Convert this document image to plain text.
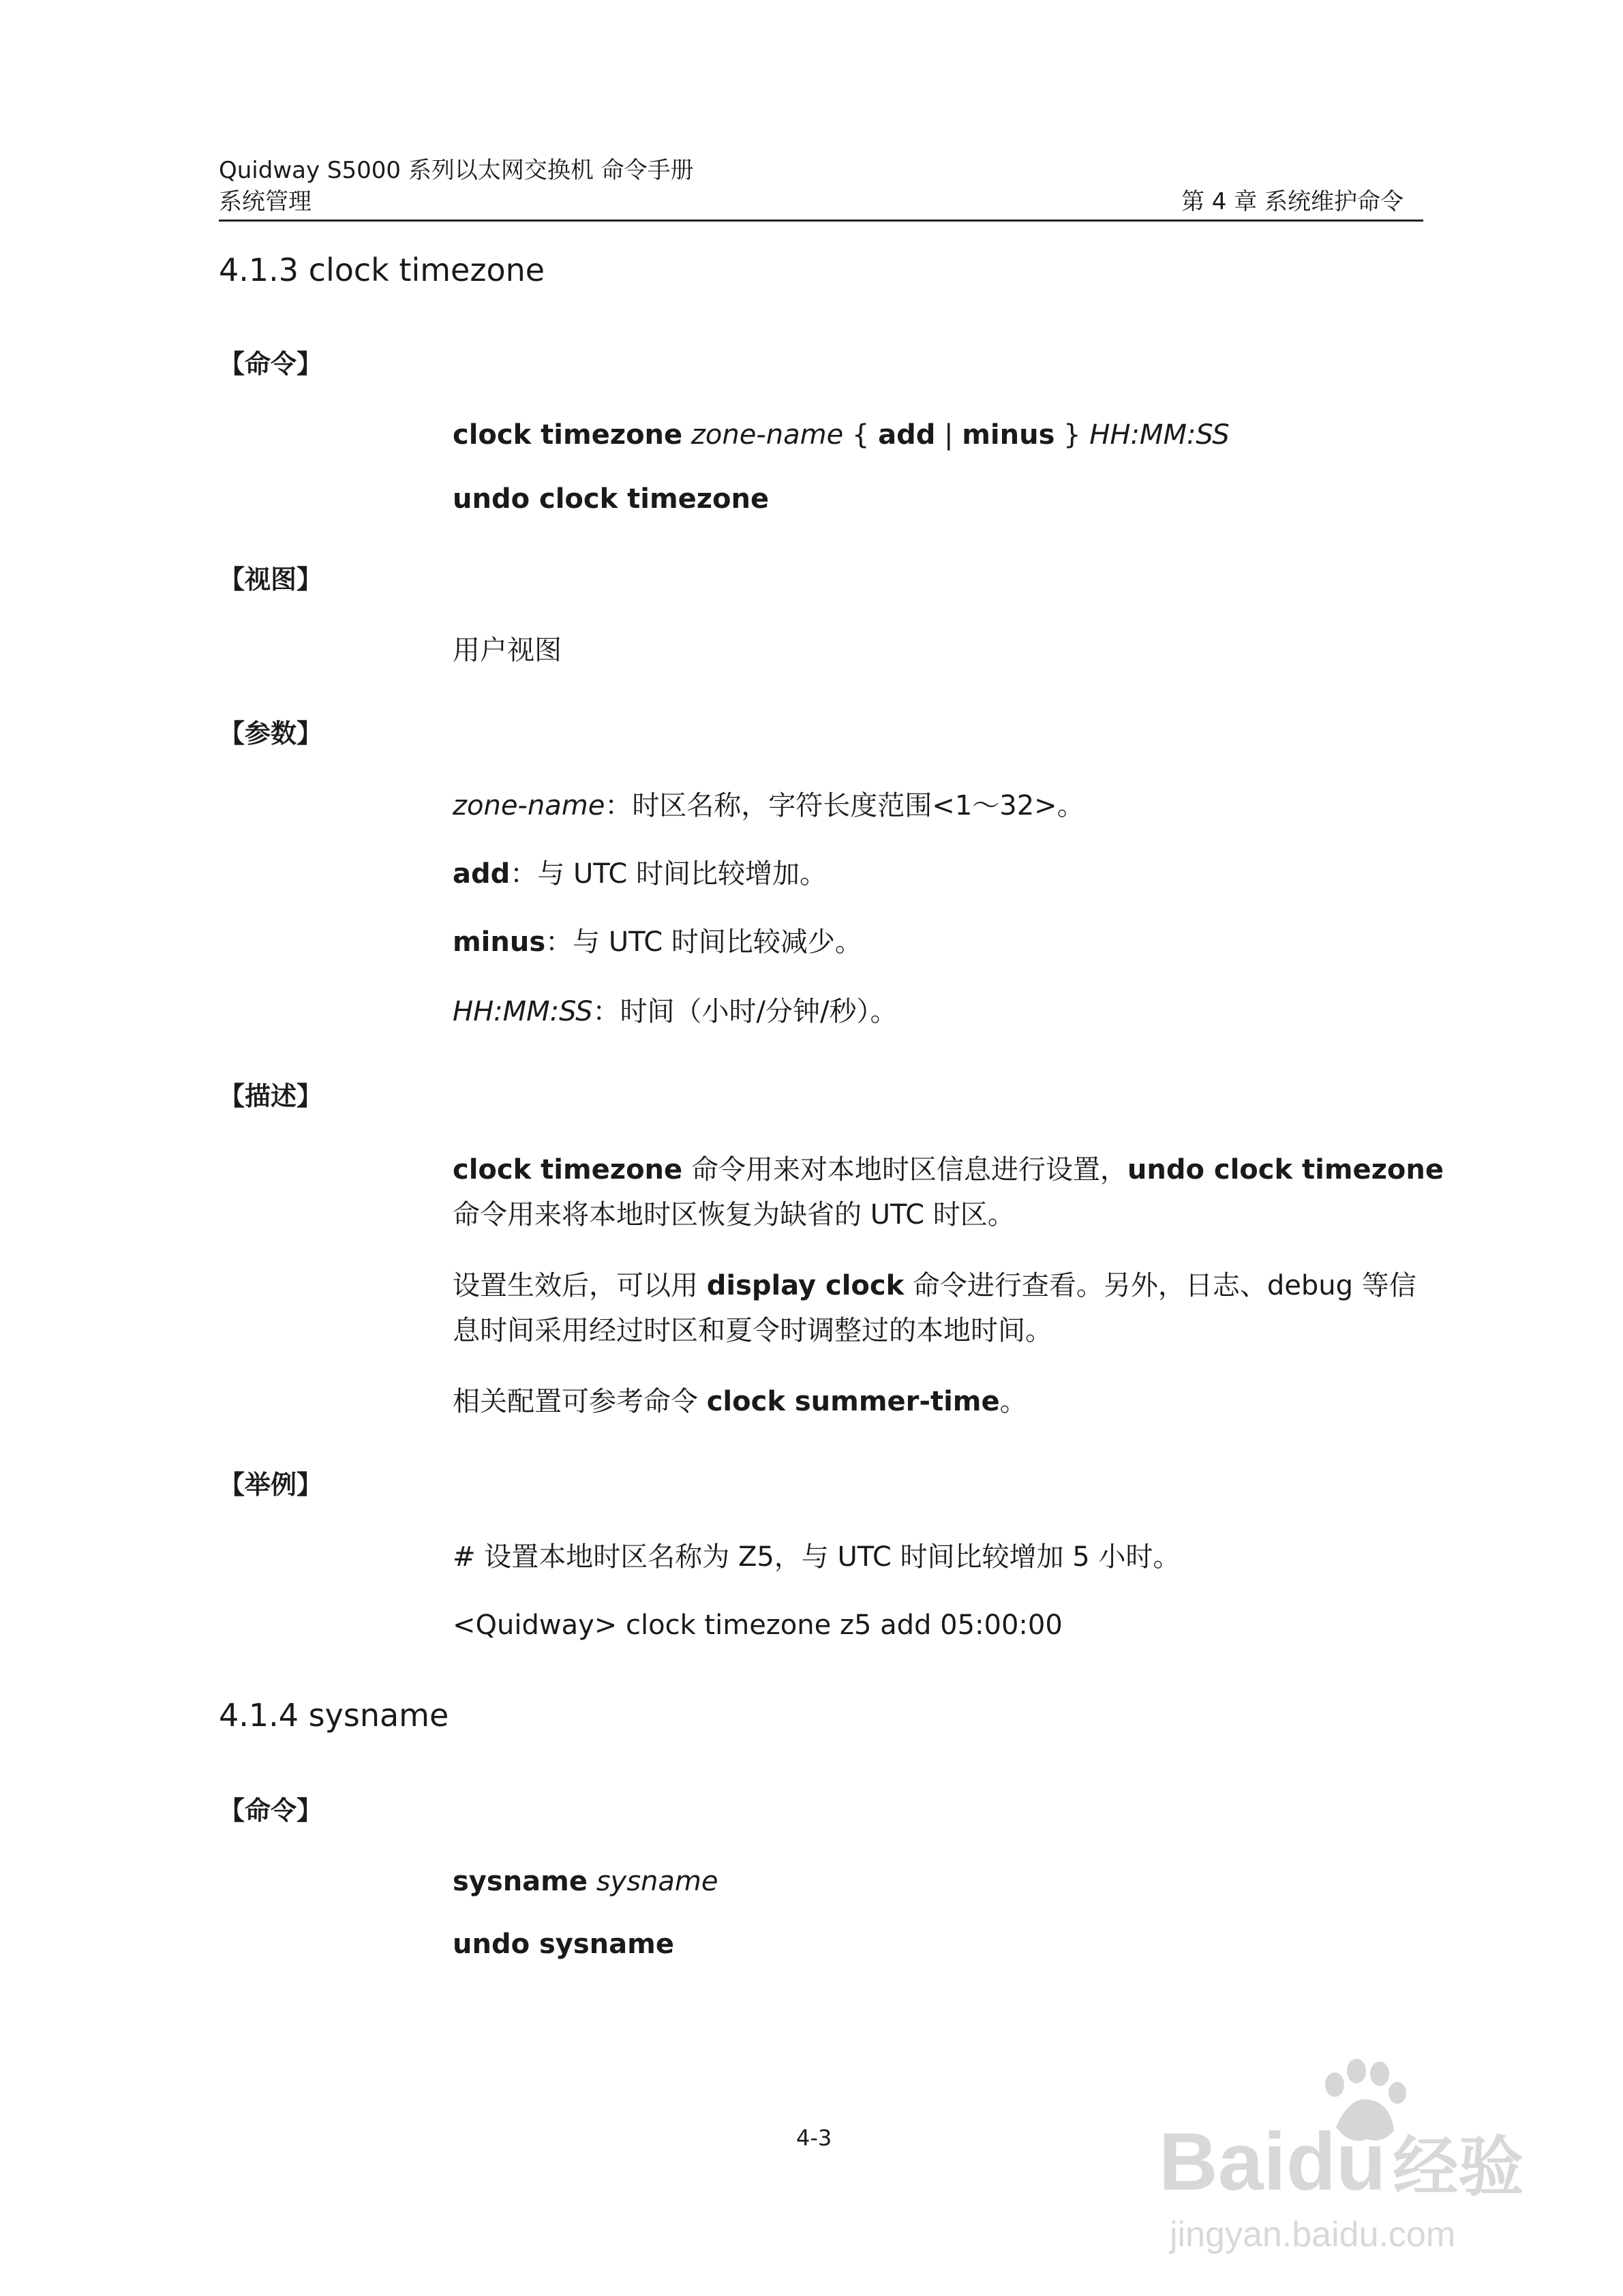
Quidway S5000 系列以太网交换机 命令手册
系统管理	第 4 章 系统维护命令
4.1.3 clock timezone
【命令】
clock timezone zone-name { add | minus } HH:MM:SS
undo clock timezone
【视图】
用户视图
【参数】
zone-name：时区名称，字符长度范围<1～32>。
add：与 UTC 时间比较增加。
minus：与 UTC 时间比较减少。
HH:MM:SS：时间（小时/分钟/秒）。
【描述】
clock timezone 命令用来对本地时区信息进行设置，undo clock timezone
命令用来将本地时区恢复为缺省的 UTC 时区。
设置生效后，可以用 display clock 命令进行查看。另外，日志、debug 等信
息时间采用经过时区和夏令时调整过的本地时间。
相关配置可参考命令 clock summer-time。
【举例】
# 设置本地时区名称为 Z5，与 UTC 时间比较增加 5 小时。
<Quidway> clock timezone z5 add 05:00:00
4.1.4 sysname
【命令】
sysname sysname
undo sysname
4-3	Baidu 经验
jingyan.baidu.com
